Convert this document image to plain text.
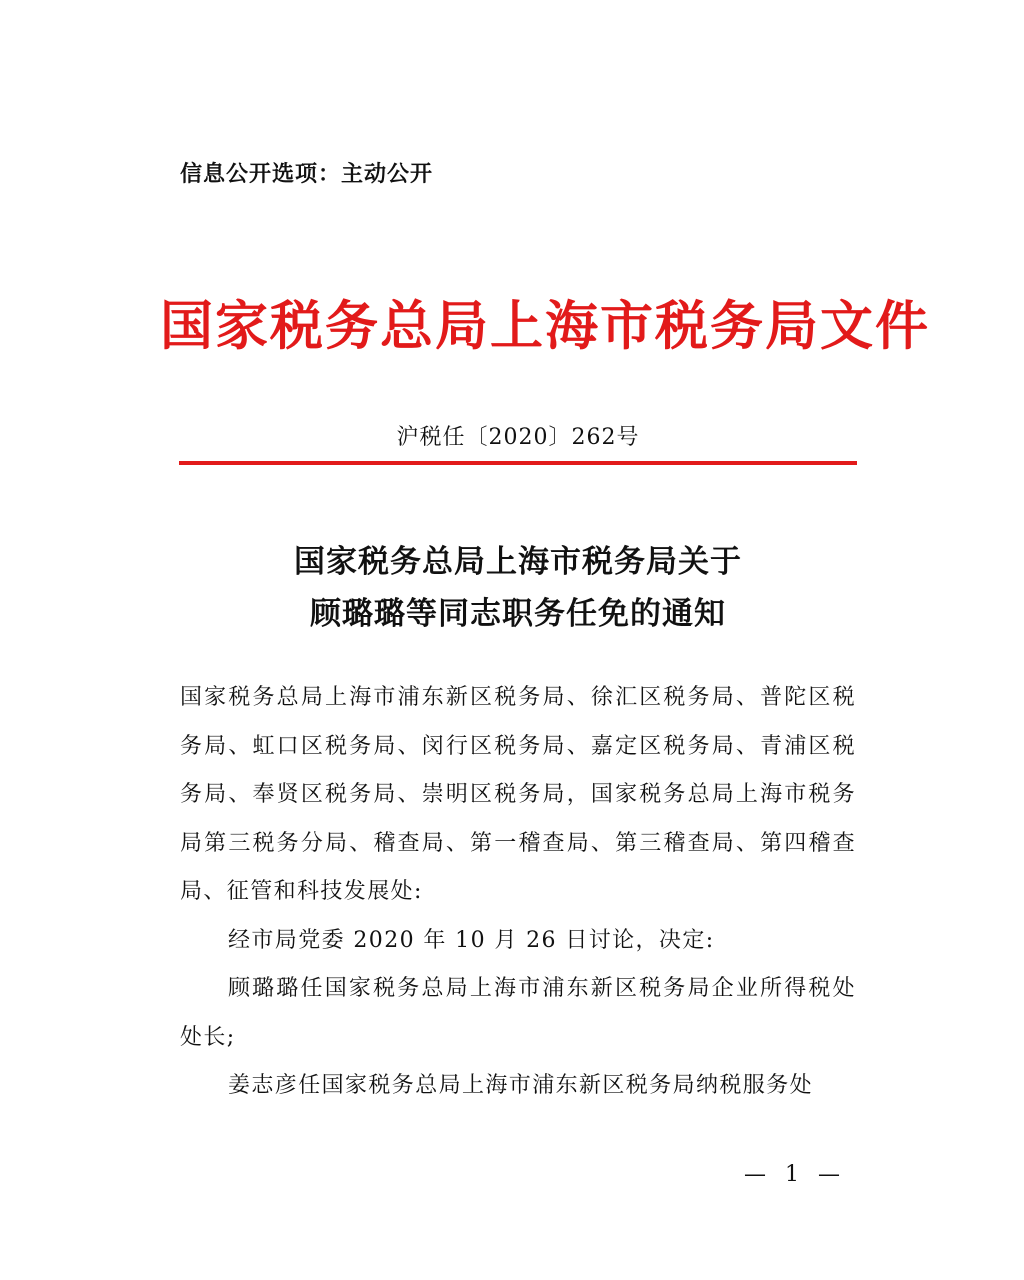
信息公开选项：主动公开
国家税务总局上海市税务局文件
沪税任〔2020〕262号
国家税务总局上海市税务局关于
顾璐璐等同志职务任免的通知

国家税务总局上海市浦东新区税务局、徐汇区税务局、普陀区税务局、虹口区税务局、闵行区税务局、嘉定区税务局、青浦区税务局、奉贤区税务局、崇明区税务局，国家税务总局上海市税务局第三税务分局、稽查局、第一稽查局、第三稽查局、第四稽查局、征管和科技发展处:

经市局党委 2020 年 10 月 26 日讨论，决定:

顾璐璐任国家税务总局上海市浦东新区税务局企业所得税处处长;

姜志彦任国家税务总局上海市浦东新区税务局纳税服务处

— 1 —
